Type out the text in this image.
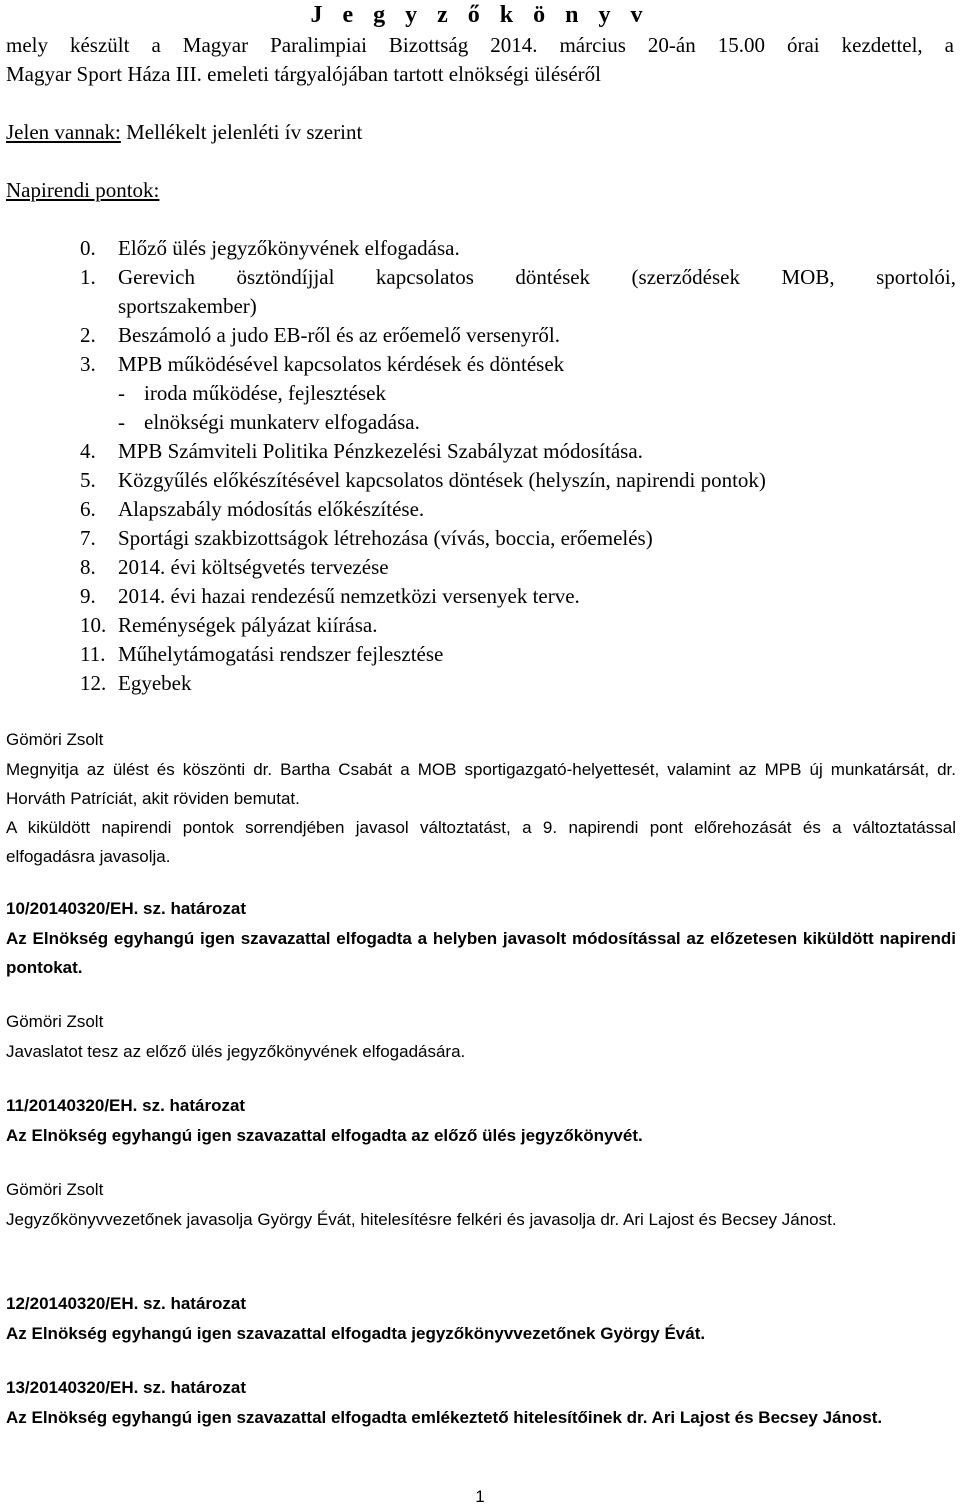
J e g y z ő k ö n y v
mely készült a Magyar Paralimpiai Bizottság 2014. március 20-án 15.00 órai kezdettel, a
Magyar Sport Háza III. emeleti tárgyalójában tartott elnökségi üléséről
Jelen vannak: Mellékelt jelenléti ív szerint
Napirendi pontok:
0. Előző ülés jegyzőkönyvének elfogadása.
1. Gerevich ösztöndíjjal kapcsolatos döntések (szerződések MOB, sportolói,
sportszakember)
2. Beszámoló a judo EB-ről és az erőemelő versenyről.
3. MPB működésével kapcsolatos kérdések és döntések
- iroda működése, fejlesztések
- elnökségi munkaterv elfogadása.
4. MPB Számviteli Politika Pénzkezelési Szabályzat módosítása.
5. Közgyűlés előkészítésével kapcsolatos döntések (helyszín, napirendi pontok)
6. Alapszabály módosítás előkészítése.
7. Sportági szakbizottságok létrehozása (vívás, boccia, erőemelés)
8. 2014. évi költségvetés tervezése
9. 2014. évi hazai rendezésű nemzetközi versenyek terve.
10. Reménységek pályázat kiírása.
11. Műhelytámogatási rendszer fejlesztése
12. Egyebek
Gömöri Zsolt
Megnyitja az ülést és köszönti dr. Bartha Csabát a MOB sportigazgató-helyettesét, valamint az MPB új munkatársát, dr. Horváth Patríciát, akit röviden bemutat.
A kiküldött napirendi pontok sorrendjében javasol változtatást, a 9. napirendi pont előrehozását és a változtatással elfogadásra javasolja.
10/20140320/EH. sz. határozat
Az Elnökség egyhangú igen szavazattal elfogadta a helyben javasolt módosítással az előzetesen kiküldött napirendi pontokat.
Gömöri Zsolt
Javaslatot tesz az előző ülés jegyzőkönyvének elfogadására.
11/20140320/EH. sz. határozat
Az Elnökség egyhangú igen szavazattal elfogadta az előző ülés jegyzőkönyvét.
Gömöri Zsolt
Jegyzőkönyvvezetőnek javasolja György Évát, hitelesítésre felkéri és javasolja dr. Ari Lajost és Becsey Jánost.
12/20140320/EH. sz. határozat
Az Elnökség egyhangú igen szavazattal elfogadta jegyzőkönyvvezetőnek György Évát.
13/20140320/EH. sz. határozat
Az Elnökség egyhangú igen szavazattal elfogadta emlékeztető hitelesítőinek dr. Ari Lajost és Becsey Jánost.
1
